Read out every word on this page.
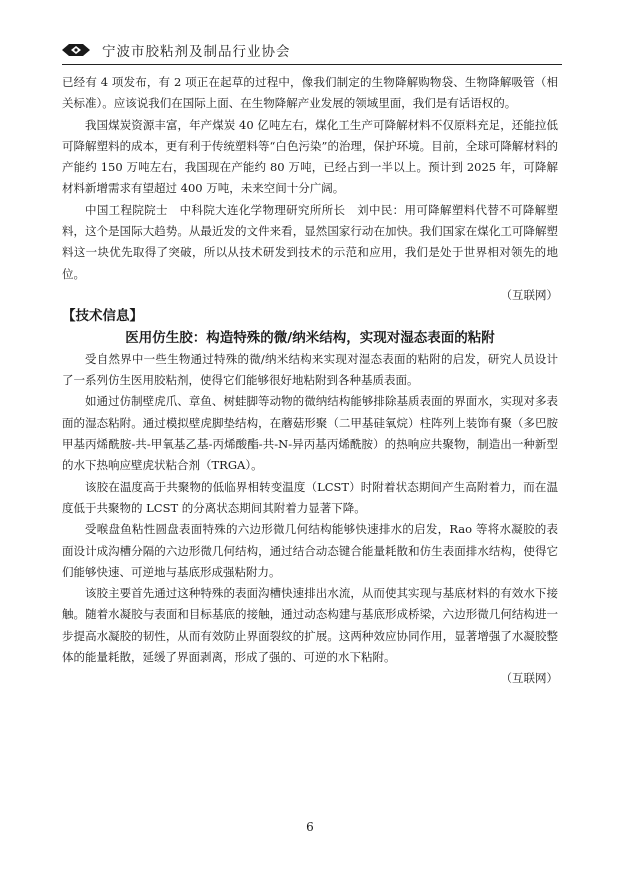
宁波市胶粘剂及制品行业协会

已经有 4 项发布，有 2 项正在起草的过程中，像我们制定的生物降解购物袋、生物降解吸管（相关标准）。应该说我们在国际上面、在生物降解产业发展的领域里面，我们是有话语权的。

我国煤炭资源丰富，年产煤炭 40 亿吨左右，煤化工生产可降解材料不仅原料充足，还能拉低可降解塑料的成本，更有利于传统塑料等“白色污染”的治理，保护环境。目前，全球可降解材料的产能约 150 万吨左右，我国现在产能约 80 万吨，已经占到一半以上。预计到 2025 年，可降解材料新增需求有望超过 400 万吨，未来空间十分广阔。

中国工程院院士　中科院大连化学物理研究所所长　刘中民：用可降解塑料代替不可降解塑料，这个是国际大趋势。从最近发的文件来看，显然国家行动在加快。我们国家在煤化工可降解塑料这一块优先取得了突破，所以从技术研发到技术的示范和应用，我们是处于世界相对领先的地位。

（互联网）

【技术信息】

医用仿生胶：构造特殊的微/纳米结构，实现对湿态表面的粘附

受自然界中一些生物通过特殊的微/纳米结构来实现对湿态表面的粘附的启发，研究人员设计了一系列仿生医用胶粘剂，使得它们能够很好地粘附到各种基质表面。

如通过仿制壁虎爪、章鱼、树蛙脚等动物的微纳结构能够排除基质表面的界面水，实现对多表面的湿态粘附。通过模拟壁虎脚垫结构，在蘑菇形聚（二甲基硅氧烷）柱阵列上装饰有聚（多巴胺甲基丙烯酰胺-共-甲氧基乙基-丙烯酸酯-共-N-异丙基丙烯酰胺）的热响应共聚物，制造出一种新型的水下热响应壁虎状粘合剂（TRGA）。

该胶在温度高于共聚物的低临界相转变温度（LCST）时附着状态期间产生高附着力，而在温度低于共聚物的 LCST 的分离状态期间其附着力显著下降。

受喉盘鱼粘性圆盘表面特殊的六边形微几何结构能够快速排水的启发，Rao 等将水凝胶的表面设计成沟槽分隔的六边形微几何结构，通过结合动态键合能量耗散和仿生表面排水结构，使得它们能够快速、可逆地与基底形成强粘附力。

该胶主要首先通过这种特殊的表面沟槽快速排出水流，从而使其实现与基底材料的有效水下接触。随着水凝胶与表面和目标基底的接触，通过动态构建与基底形成桥梁，六边形微几何结构进一步提高水凝胶的韧性，从而有效防止界面裂纹的扩展。这两种效应协同作用，显著增强了水凝胶整体的能量耗散，延缓了界面剥离，形成了强的、可逆的水下粘附。

（互联网）

6
